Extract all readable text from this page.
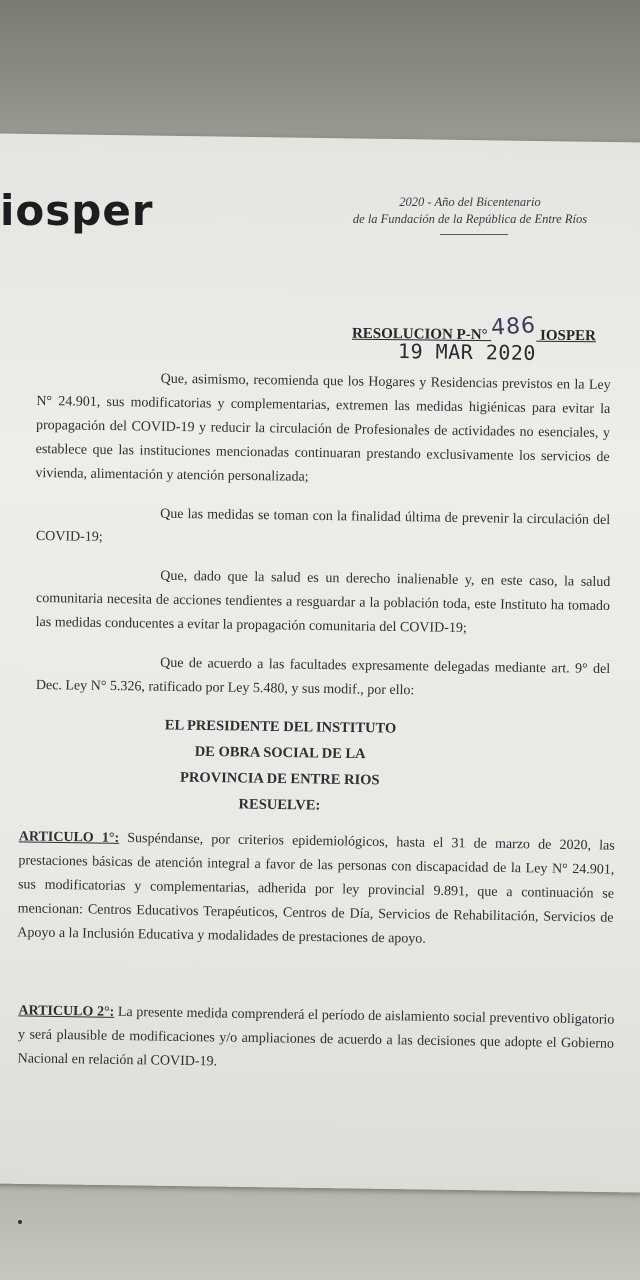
iosper	2020 - Año del Bicentenario
de la Fundación de la República de Entre Ríos
RESOLUCION P-N° 486 IOSPER
19 MAR 2020

Que, asimismo, recomienda que los Hogares y Residencias previstos en la Ley N° 24.901, sus modificatorias y complementarias, extremen las medidas higiénicas para evitar la propagación del COVID-19 y reducir la circulación de Profesionales de actividades no esenciales, y establece que las instituciones mencionadas continuaran prestando exclusivamente los servicios de vivienda, alimentación y atención personalizada;

Que las medidas se toman con la finalidad última de prevenir la circulación del COVID-19;

Que, dado que la salud es un derecho inalienable y, en este caso, la salud comunitaria necesita de acciones tendientes a resguardar a la población toda, este Instituto ha tomado las medidas conducentes a evitar la propagación comunitaria del COVID-19;

Que de acuerdo a las facultades expresamente delegadas mediante art. 9° del Dec. Ley N° 5.326, ratificado por Ley 5.480, y sus modif., por ello:

EL PRESIDENTE DEL INSTITUTO
DE OBRA SOCIAL DE LA
PROVINCIA DE ENTRE RIOS
RESUELVE:
ARTICULO 1°: Suspéndanse, por criterios epidemiológicos, hasta el 31 de marzo de 2020, las prestaciones básicas de atención integral a favor de las personas con discapacidad de la Ley N° 24.901, sus modificatorias y complementarias, adherida por ley provincial 9.891, que a continuación se mencionan: Centros Educativos Terapéuticos, Centros de Día, Servicios de Rehabilitación, Servicios de Apoyo a la Inclusión Educativa y modalidades de prestaciones de apoyo.
ARTICULO 2°: La presente medida comprenderá el período de aislamiento social preventivo obligatorio y será plausible de modificaciones y/o ampliaciones de acuerdo a las decisiones que adopte el Gobierno Nacional en relación al COVID-19.
